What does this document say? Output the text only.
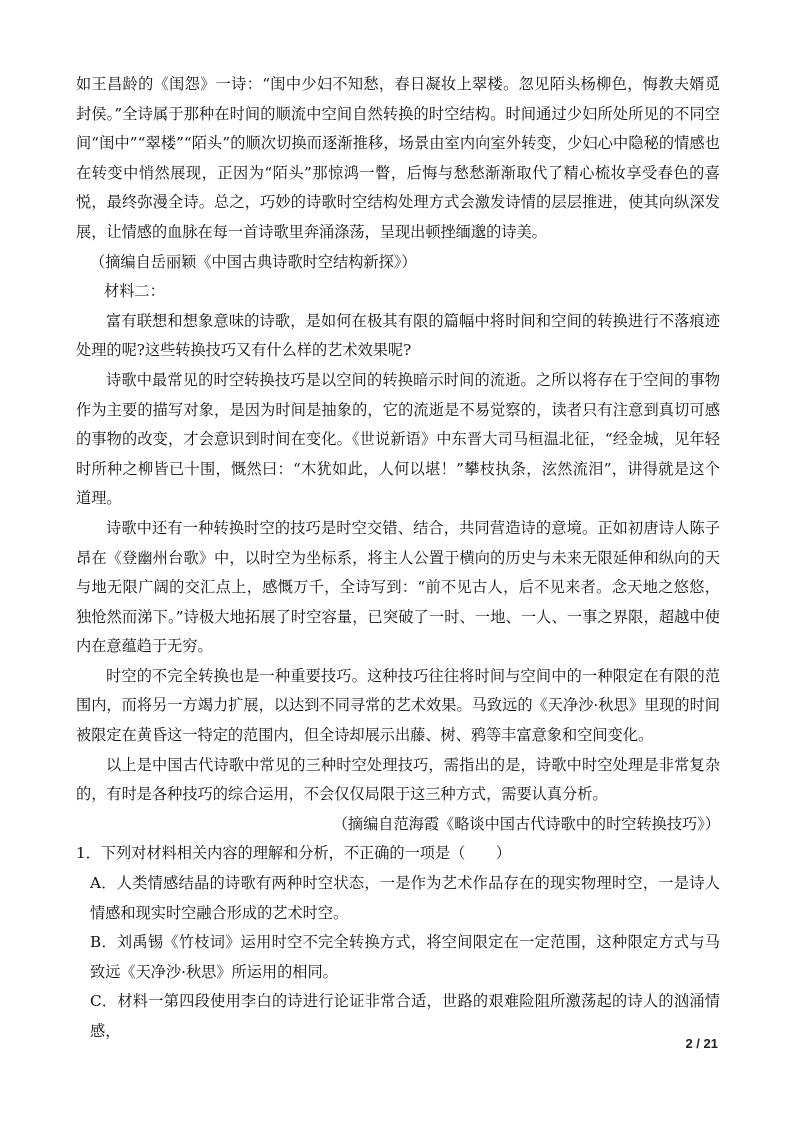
如王昌龄的《闺怨》一诗：“闺中少妇不知愁，春日凝妆上翠楼。忽见陌头杨柳色，悔教夫婿觅封侯。”全诗属于那种在时间的顺流中空间自然转换的时空结构。时间通过少妇所处所见的不同空间“闺中”“翠楼”“陌头”的顺次切换而逐渐推移，场景由室内向室外转变，少妇心中隐秘的情感也在转变中悄然展现，正因为“陌头”那惊鸿一瞥，后悔与愁愁渐渐取代了精心梳妆享受春色的喜悦，最终弥漫全诗。总之，巧妙的诗歌时空结构处理方式会激发诗情的层层推进，使其向纵深发展，让情感的血脉在每一首诗歌里奔涌涤荡，呈现出顿挫缅邈的诗美。

（摘编自岳丽颖《中国古典诗歌时空结构新探》）

材料二：

富有联想和想象意味的诗歌，是如何在极其有限的篇幅中将时间和空间的转换进行不落痕迹处理的呢?这些转换技巧又有什么样的艺术效果呢?

诗歌中最常见的时空转换技巧是以空间的转换暗示时间的流逝。之所以将存在于空间的事物作为主要的描写对象，是因为时间是抽象的，它的流逝是不易觉察的，读者只有注意到真切可感的事物的改变，才会意识到时间在变化。《世说新语》中东晋大司马桓温北征，“经金城，见年轻时所种之柳皆已十围，慨然曰：“木犹如此，人何以堪！”攀枝执条，泫然流泪”，讲得就是这个道理。

诗歌中还有一种转换时空的技巧是时空交错、结合，共同营造诗的意境。正如初唐诗人陈子昂在《登幽州台歌》中，以时空为坐标系，将主人公置于横向的历史与未来无限延伸和纵向的天与地无限广阔的交汇点上，感慨万千，全诗写到：“前不见古人，后不见来者。念天地之悠悠，独怆然而涕下。”诗极大地拓展了时空容量，已突破了一时、一地、一人、一事之界限，超越中使内在意蕴趋于无穷。

时空的不完全转换也是一种重要技巧。这种技巧往往将时间与空间中的一种限定在有限的范围内，而将另一方竭力扩展，以达到不同寻常的艺术效果。马致远的《天净沙·秋思》里现的时间被限定在黄昏这一特定的范围内，但全诗却展示出藤、树、鸦等丰富意象和空间变化。

以上是中国古代诗歌中常见的三种时空处理技巧，需指出的是，诗歌中时空处理是非常复杂的，有时是各种技巧的综合运用，不会仅仅局限于这三种方式，需要认真分析。

（摘编自范海霞《略谈中国古代诗歌中的时空转换技巧》）

1．下列对材料相关内容的理解和分析，不正确的一项是（　　）

A．人类情感结晶的诗歌有两种时空状态，一是作为艺术作品存在的现实物理时空，一是诗人情感和现实时空融合形成的艺术时空。

B．刘禹锡《竹枝词》运用时空不完全转换方式，将空间限定在一定范围，这种限定方式与马致远《天净沙·秋思》所运用的相同。

C．材料一第四段使用李白的诗进行论证非常合适，世路的艰难险阻所激荡起的诗人的汹涌情感，

2 / 21
